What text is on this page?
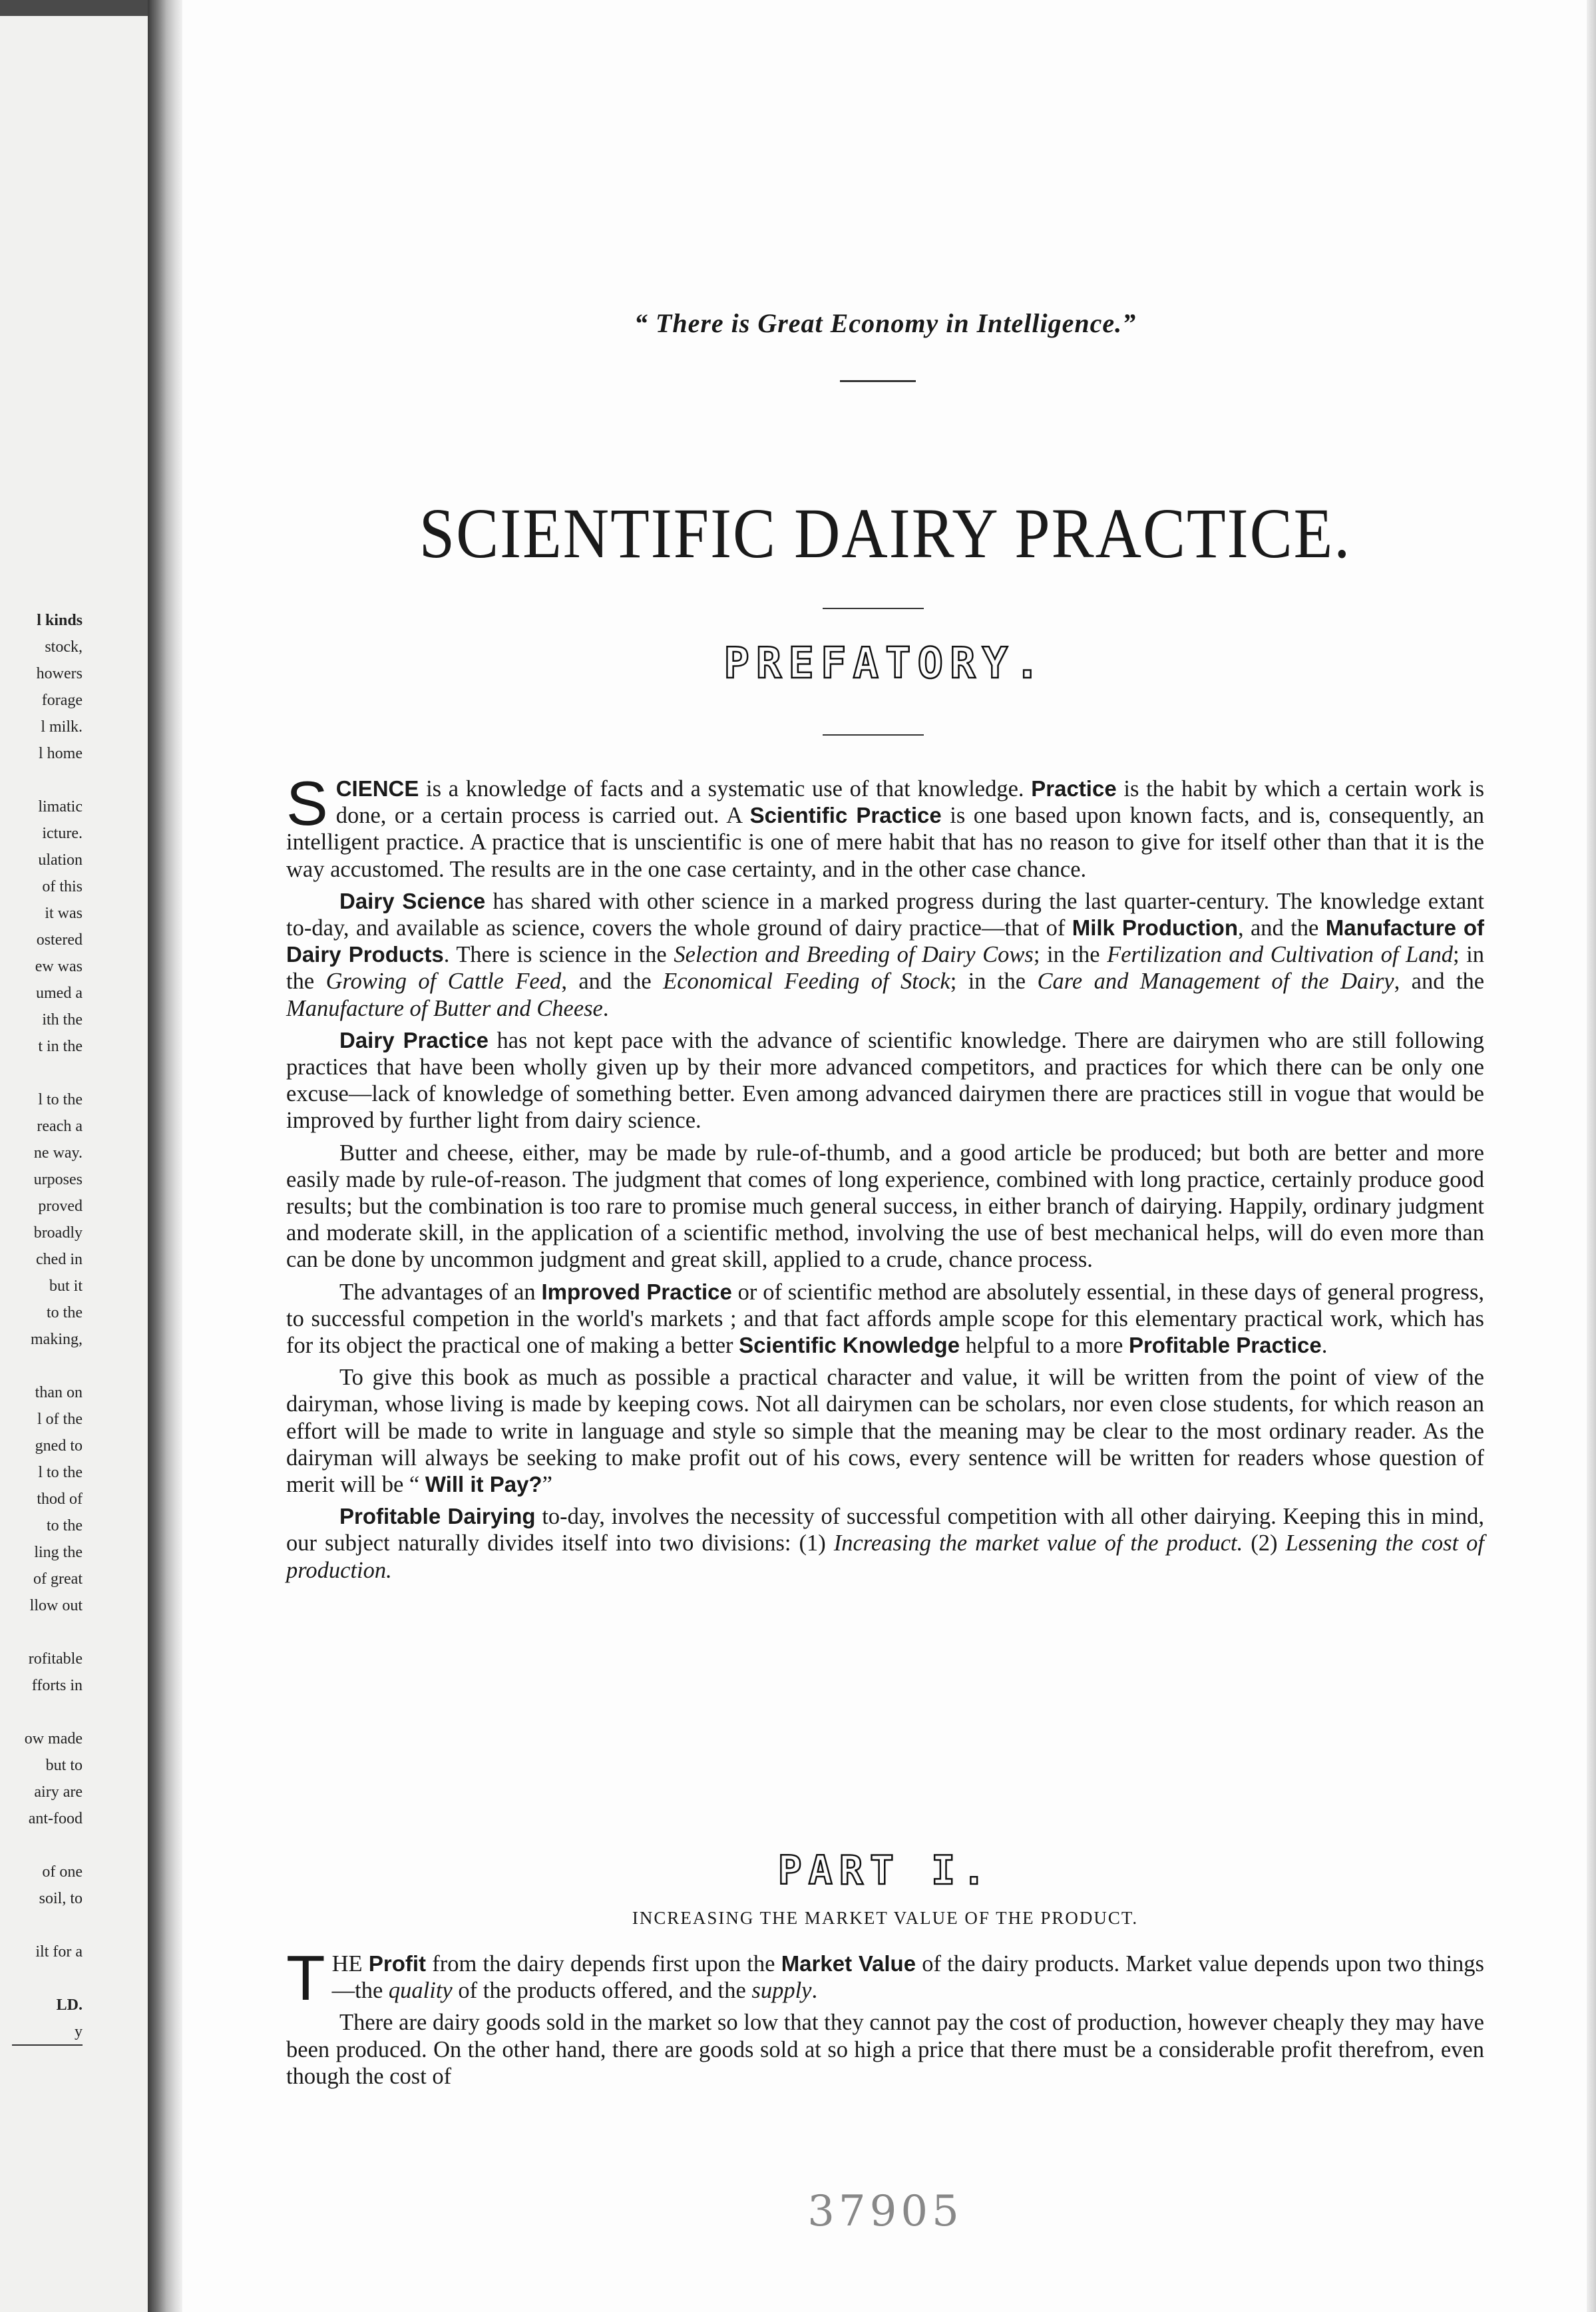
l kinds
stock,
howers
forage
l milk.
l home
limatic
icture.
ulation
of this
it was
ostered
ew was
umed a
ith the
t in the
l to the
reach a
ne way.
urposes
proved
broadly
ched in
but it
to the
making,
than on
l of the
gned to
l to the
thod of
to the
ling the
of great
llow out
rofitable
fforts in
ow made
but to
airy are
ant-food
of one
soil, to
ilt for a
LD.
y
“ There is Great Economy in Intelligence.”
SCIENTIFIC DAIRY PRACTICE.
PREFATORY.

SCIENCE is a knowledge of facts and a systematic use of that knowledge. Practice is the habit by which a certain work is done, or a certain process is carried out. A Scientific Practice is one based upon known facts, and is, consequently, an intelligent practice. A practice that is unscientific is one of mere habit that has no reason to give for itself other than that it is the way accustomed. The results are in the one case certainty, and in the other case chance.

Dairy Science has shared with other science in a marked progress during the last quarter-century. The knowledge extant to-day, and available as science, covers the whole ground of dairy practice—that of Milk Production, and the Manufacture of Dairy Products. There is science in the Selection and Breeding of Dairy Cows; in the Fertilization and Cultivation of Land; in the Growing of Cattle Feed, and the Economical Feeding of Stock; in the Care and Management of the Dairy, and the Manufacture of Butter and Cheese.

Dairy Practice has not kept pace with the advance of scientific knowledge. There are dairymen who are still following practices that have been wholly given up by their more advanced competitors, and practices for which there can be only one excuse—lack of knowledge of something better. Even among advanced dairymen there are practices still in vogue that would be improved by further light from dairy science.

Butter and cheese, either, may be made by rule-of-thumb, and a good article be produced; but both are better and more easily made by rule-of-reason. The judgment that comes of long experience, combined with long practice, certainly produce good results; but the combination is too rare to promise much general success, in either branch of dairying. Happily, ordinary judgment and moderate skill, in the application of a scientific method, involving the use of best mechanical helps, will do even more than can be done by uncommon judgment and great skill, applied to a crude, chance process.

The advantages of an Improved Practice or of scientific method are absolutely essential, in these days of general progress, to successful competion in the world's markets ; and that fact affords ample scope for this elementary practical work, which has for its object the practical one of making a better Scientific Knowledge helpful to a more Profitable Practice.

To give this book as much as possible a practical character and value, it will be written from the point of view of the dairyman, whose living is made by keeping cows. Not all dairymen can be scholars, nor even close students, for which reason an effort will be made to write in language and style so simple that the meaning may be clear to the most ordinary reader. As the dairyman will always be seeking to make profit out of his cows, every sentence will be written for readers whose question of merit will be “ Will it Pay?”

Profitable Dairying to-day, involves the necessity of successful competition with all other dairying. Keeping this in mind, our subject naturally divides itself into two divisions: (1) Increasing the market value of the product. (2) Lessening the cost of production.

PART I.
INCREASING THE MARKET VALUE OF THE PRODUCT.

THE Profit from the dairy depends first upon the Market Value of the dairy products. Market value depends upon two things—the quality of the products offered, and the supply.

There are dairy goods sold in the market so low that they cannot pay the cost of production, however cheaply they may have been produced. On the other hand, there are goods sold at so high a price that there must be a considerable profit therefrom, even though the cost of

37905
